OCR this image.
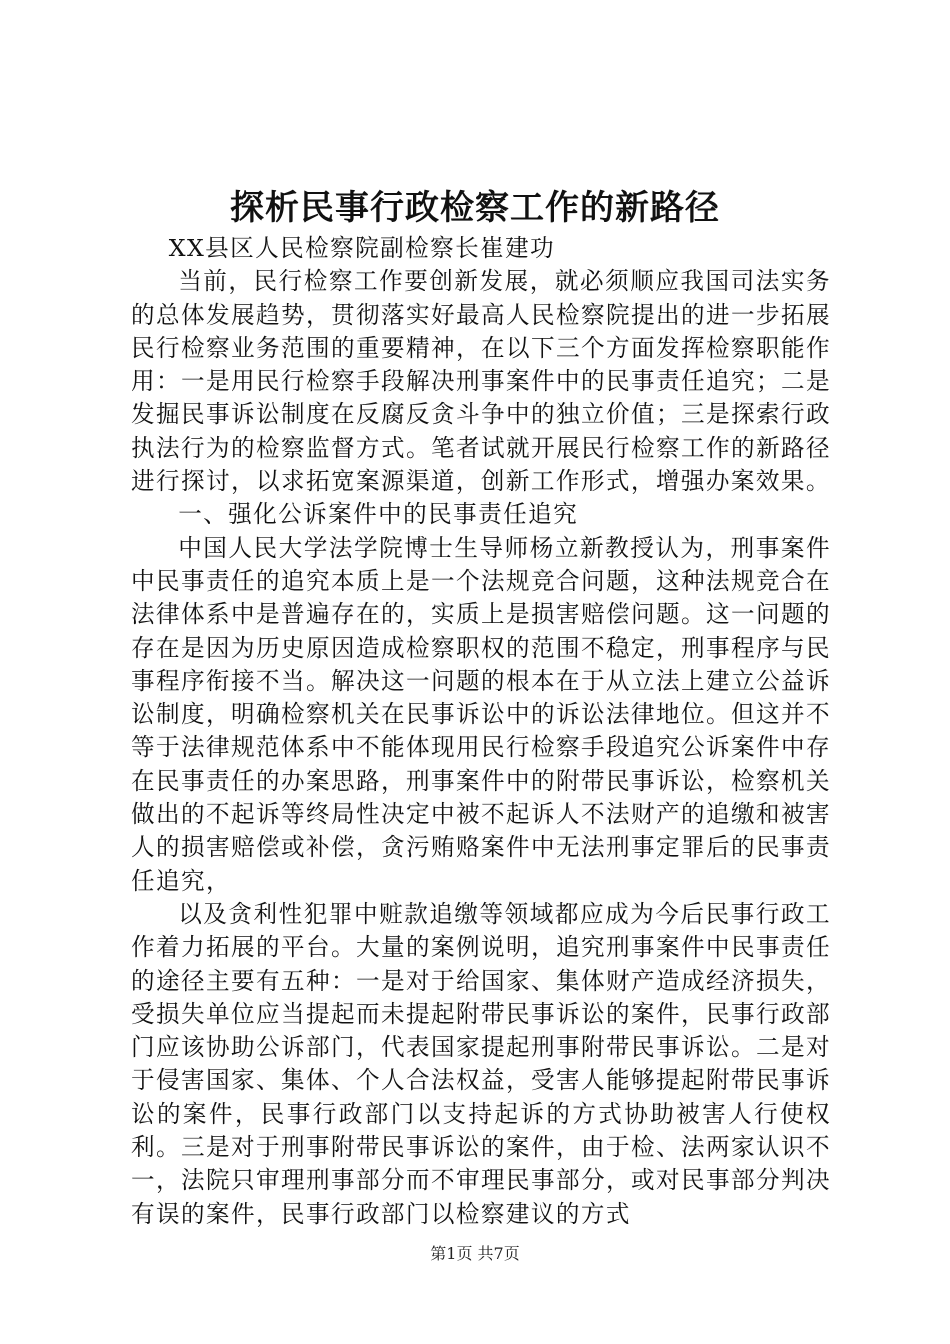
探析民事行政检察工作的新路径

XX县区人民检察院副检察长崔建功

当前，民行检察工作要创新发展，就必须顺应我国司法实务的总体发展趋势，贯彻落实好最高人民检察院提出的进一步拓展民行检察业务范围的重要精神，在以下三个方面发挥检察职能作用：一是用民行检察手段解决刑事案件中的民事责任追究；二是发掘民事诉讼制度在反腐反贪斗争中的独立价值；三是探索行政执法行为的检察监督方式。笔者试就开展民行检察工作的新路径进行探讨，以求拓宽案源渠道，创新工作形式，增强办案效果。

一、强化公诉案件中的民事责任追究

中国人民大学法学院博士生导师杨立新教授认为，刑事案件中民事责任的追究本质上是一个法规竞合问题，这种法规竞合在法律体系中是普遍存在的，实质上是损害赔偿问题。这一问题的存在是因为历史原因造成检察职权的范围不稳定，刑事程序与民事程序衔接不当。解决这一问题的根本在于从立法上建立公益诉讼制度，明确检察机关在民事诉讼中的诉讼法律地位。但这并不等于法律规范体系中不能体现用民行检察手段追究公诉案件中存在民事责任的办案思路，刑事案件中的附带民事诉讼，检察机关做出的不起诉等终局性决定中被不起诉人不法财产的追缴和被害人的损害赔偿或补偿，贪污贿赂案件中无法刑事定罪后的民事责任追究，

以及贪利性犯罪中赃款追缴等领域都应成为今后民事行政工作着力拓展的平台。大量的案例说明，追究刑事案件中民事责任的途径主要有五种：一是对于给国家、集体财产造成经济损失，受损失单位应当提起而未提起附带民事诉讼的案件，民事行政部门应该协助公诉部门，代表国家提起刑事附带民事诉讼。二是对于侵害国家、集体、个人合法权益，受害人能够提起附带民事诉讼的案件，民事行政部门以支持起诉的方式协助被害人行使权利。三是对于刑事附带民事诉讼的案件，由于检、法两家认识不一，法院只审理刑事部分而不审理民事部分，或对民事部分判决有误的案件，民事行政部门以检察建议的方式

第1页 共7页
